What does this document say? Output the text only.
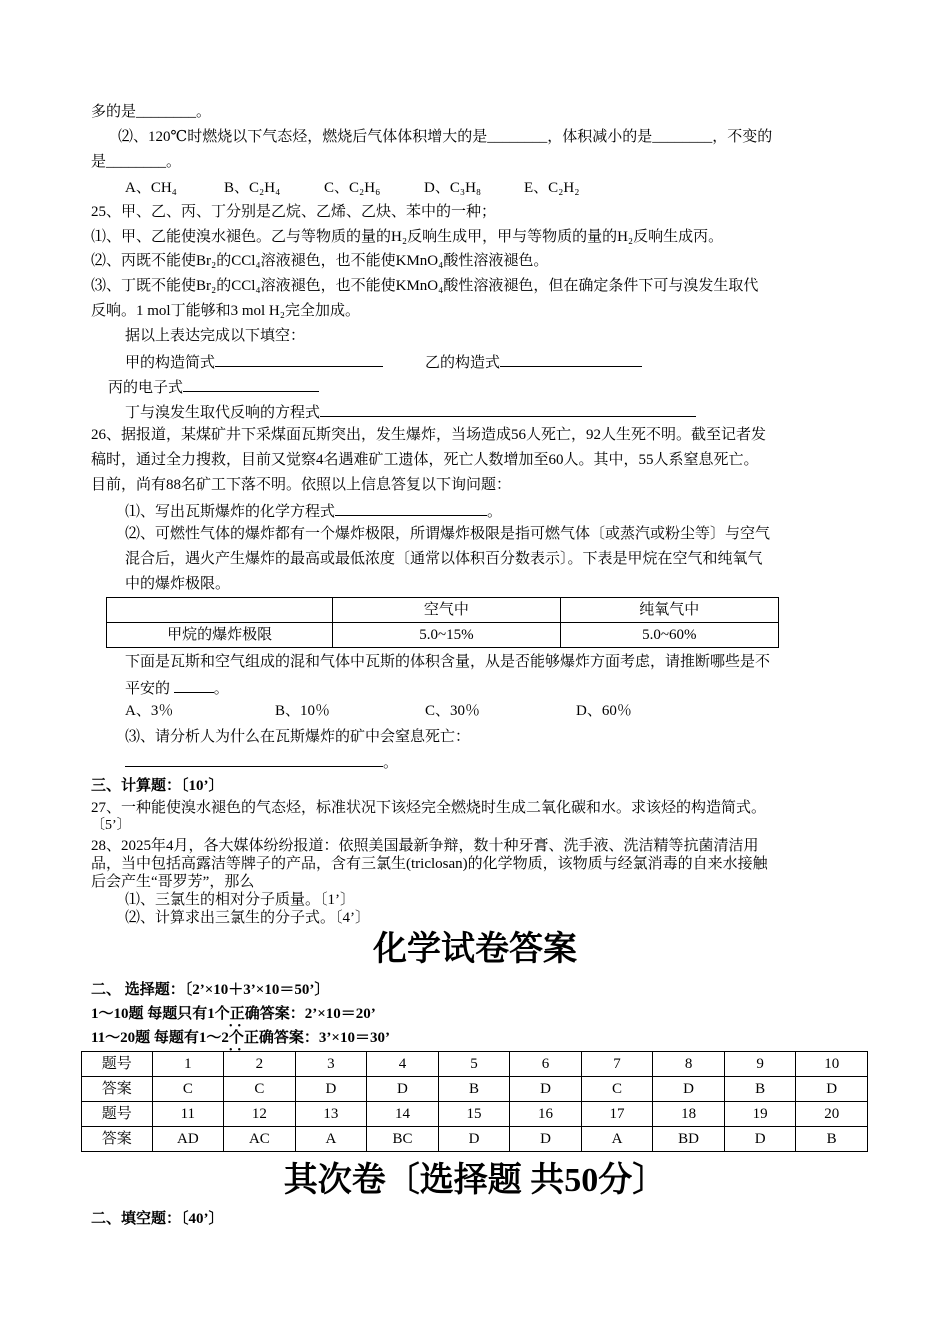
多的是________。
⑵、120℃时燃烧以下气态烃，燃烧后气体体积增大的是________，体积减小的是________，不变的
是________。
A、CH₄	B、C₂H₄	C、C₂H₆	D、C₃H₈	E、C₂H₂
25、甲、乙、丙、丁分别是乙烷、乙烯、乙炔、苯中的一种；
⑴、甲、乙能使溴水褪色。乙与等物质的量的H₂反响生成甲，甲与等物质的量的H₂反响生成丙。
⑵、丙既不能使Br₂的CCl₄溶液褪色，也不能使KMnO₄酸性溶液褪色。
⑶、丁既不能使Br₂的CCl₄溶液褪色，也不能使KMnO₄酸性溶液褪色，但在确定条件下可与溴发生取代
反响。1 mol丁能够和3 mol H₂完全加成。
据以上表达完成以下填空：
甲的构造简式	乙的构造式
丙的电子式
丁与溴发生取代反响的方程式
26、据报道，某煤矿井下采煤面瓦斯突出，发生爆炸，当场造成56人死亡，92人生死不明。截至记者发
稿时，通过全力搜救，目前又觉察4名遇难矿工遗体，死亡人数增加至60人。其中，55人系窒息死亡。
目前，尚有88名矿工下落不明。依照以上信息答复以下询问题：
⑴、写出瓦斯爆炸的化学方程式	。
⑵、可燃性气体的爆炸都有一个爆炸极限，所谓爆炸极限是指可燃气体〔或蒸汽或粉尘等〕与空气
混合后，遇火产生爆炸的最高或最低浓度〔通常以体积百分数表示〕。下表是甲烷在空气和纯氧气
中的爆炸极限。
	空气中	纯氧气中
甲烷的爆炸极限	5.0~15%	5.0~60%
下面是瓦斯和空气组成的混和气体中瓦斯的体积含量，从是否能够爆炸方面考虑，请推断哪些是不
平安的	。
A、3％	B、10％	C、30％	D、60％
⑶、请分析人为什么在瓦斯爆炸的矿中会窒息死亡：
。
三、计算题：〔10’〕
27、一种能使溴水褪色的气态烃，标准状况下该烃完全燃烧时生成二氧化碳和水。求该烃的构造简式。
〔5’〕
28、2025年4月，各大媒体纷纷报道：依照美国最新争辩，数十种牙膏、洗手液、洗洁精等抗菌清洁用
品，当中包括高露洁等牌子的产品，含有三氯生(triclosan)的化学物质，该物质与经氯消毒的自来水接触
后会产生“哥罗芳”，那么
⑴、三氯生的相对分子质量。〔1’〕
⑵、计算求出三氯生的分子式。〔4’〕
化学试卷答案
二、 选择题：〔2’×10＋3’×10＝50’〕
1～10题 每题只有1个正确答案：2’×10＝20’
•  •
11～20题 每题有1～2个正确答案：3’×10＝30’
•  •
题号	1	2	3	4	5	6	7	8	9	10
答案	C	C	D	D	B	D	C	D	B	D
题号	11	12	13	14	15	16	17	18	19	20
答案	AD	AC	A	BC	D	D	A	BD	D	B
其次卷〔选择题 共50分〕
二、填空题：〔40’〕
